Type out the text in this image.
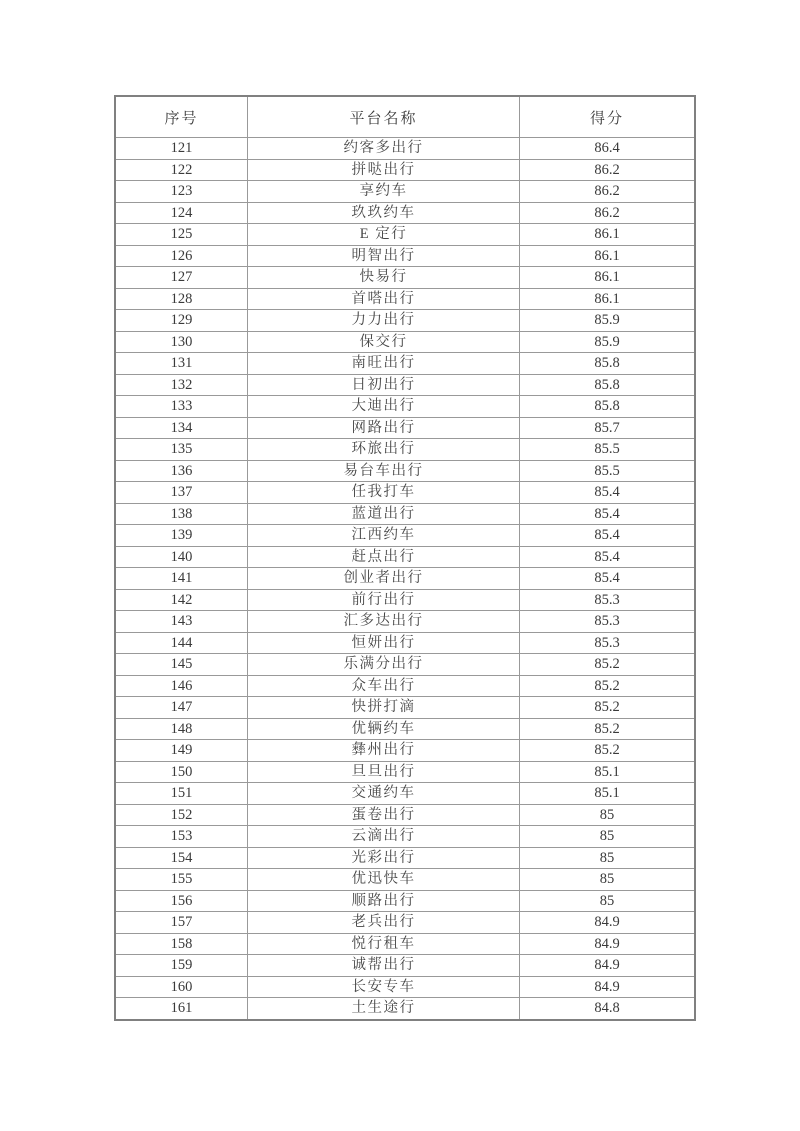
序号	平台名称	得分
121	约客多出行	86.4
122	拼哒出行	86.2
123	享约车	86.2
124	玖玖约车	86.2
125	E 定行	86.1
126	明智出行	86.1
127	快易行	86.1
128	首嗒出行	86.1
129	力力出行	85.9
130	保交行	85.9
131	南旺出行	85.8
132	日初出行	85.8
133	大迪出行	85.8
134	网路出行	85.7
135	环旅出行	85.5
136	易台车出行	85.5
137	任我打车	85.4
138	蓝道出行	85.4
139	江西约车	85.4
140	赶点出行	85.4
141	创业者出行	85.4
142	前行出行	85.3
143	汇多达出行	85.3
144	恒妍出行	85.3
145	乐满分出行	85.2
146	众车出行	85.2
147	快拼打滴	85.2
148	优辆约车	85.2
149	彝州出行	85.2
150	旦旦出行	85.1
151	交通约车	85.1
152	蛋卷出行	85
153	云滴出行	85
154	光彩出行	85
155	优迅快车	85
156	顺路出行	85
157	老兵出行	84.9
158	悦行租车	84.9
159	诚帮出行	84.9
160	长安专车	84.9
161	土生途行	84.8
